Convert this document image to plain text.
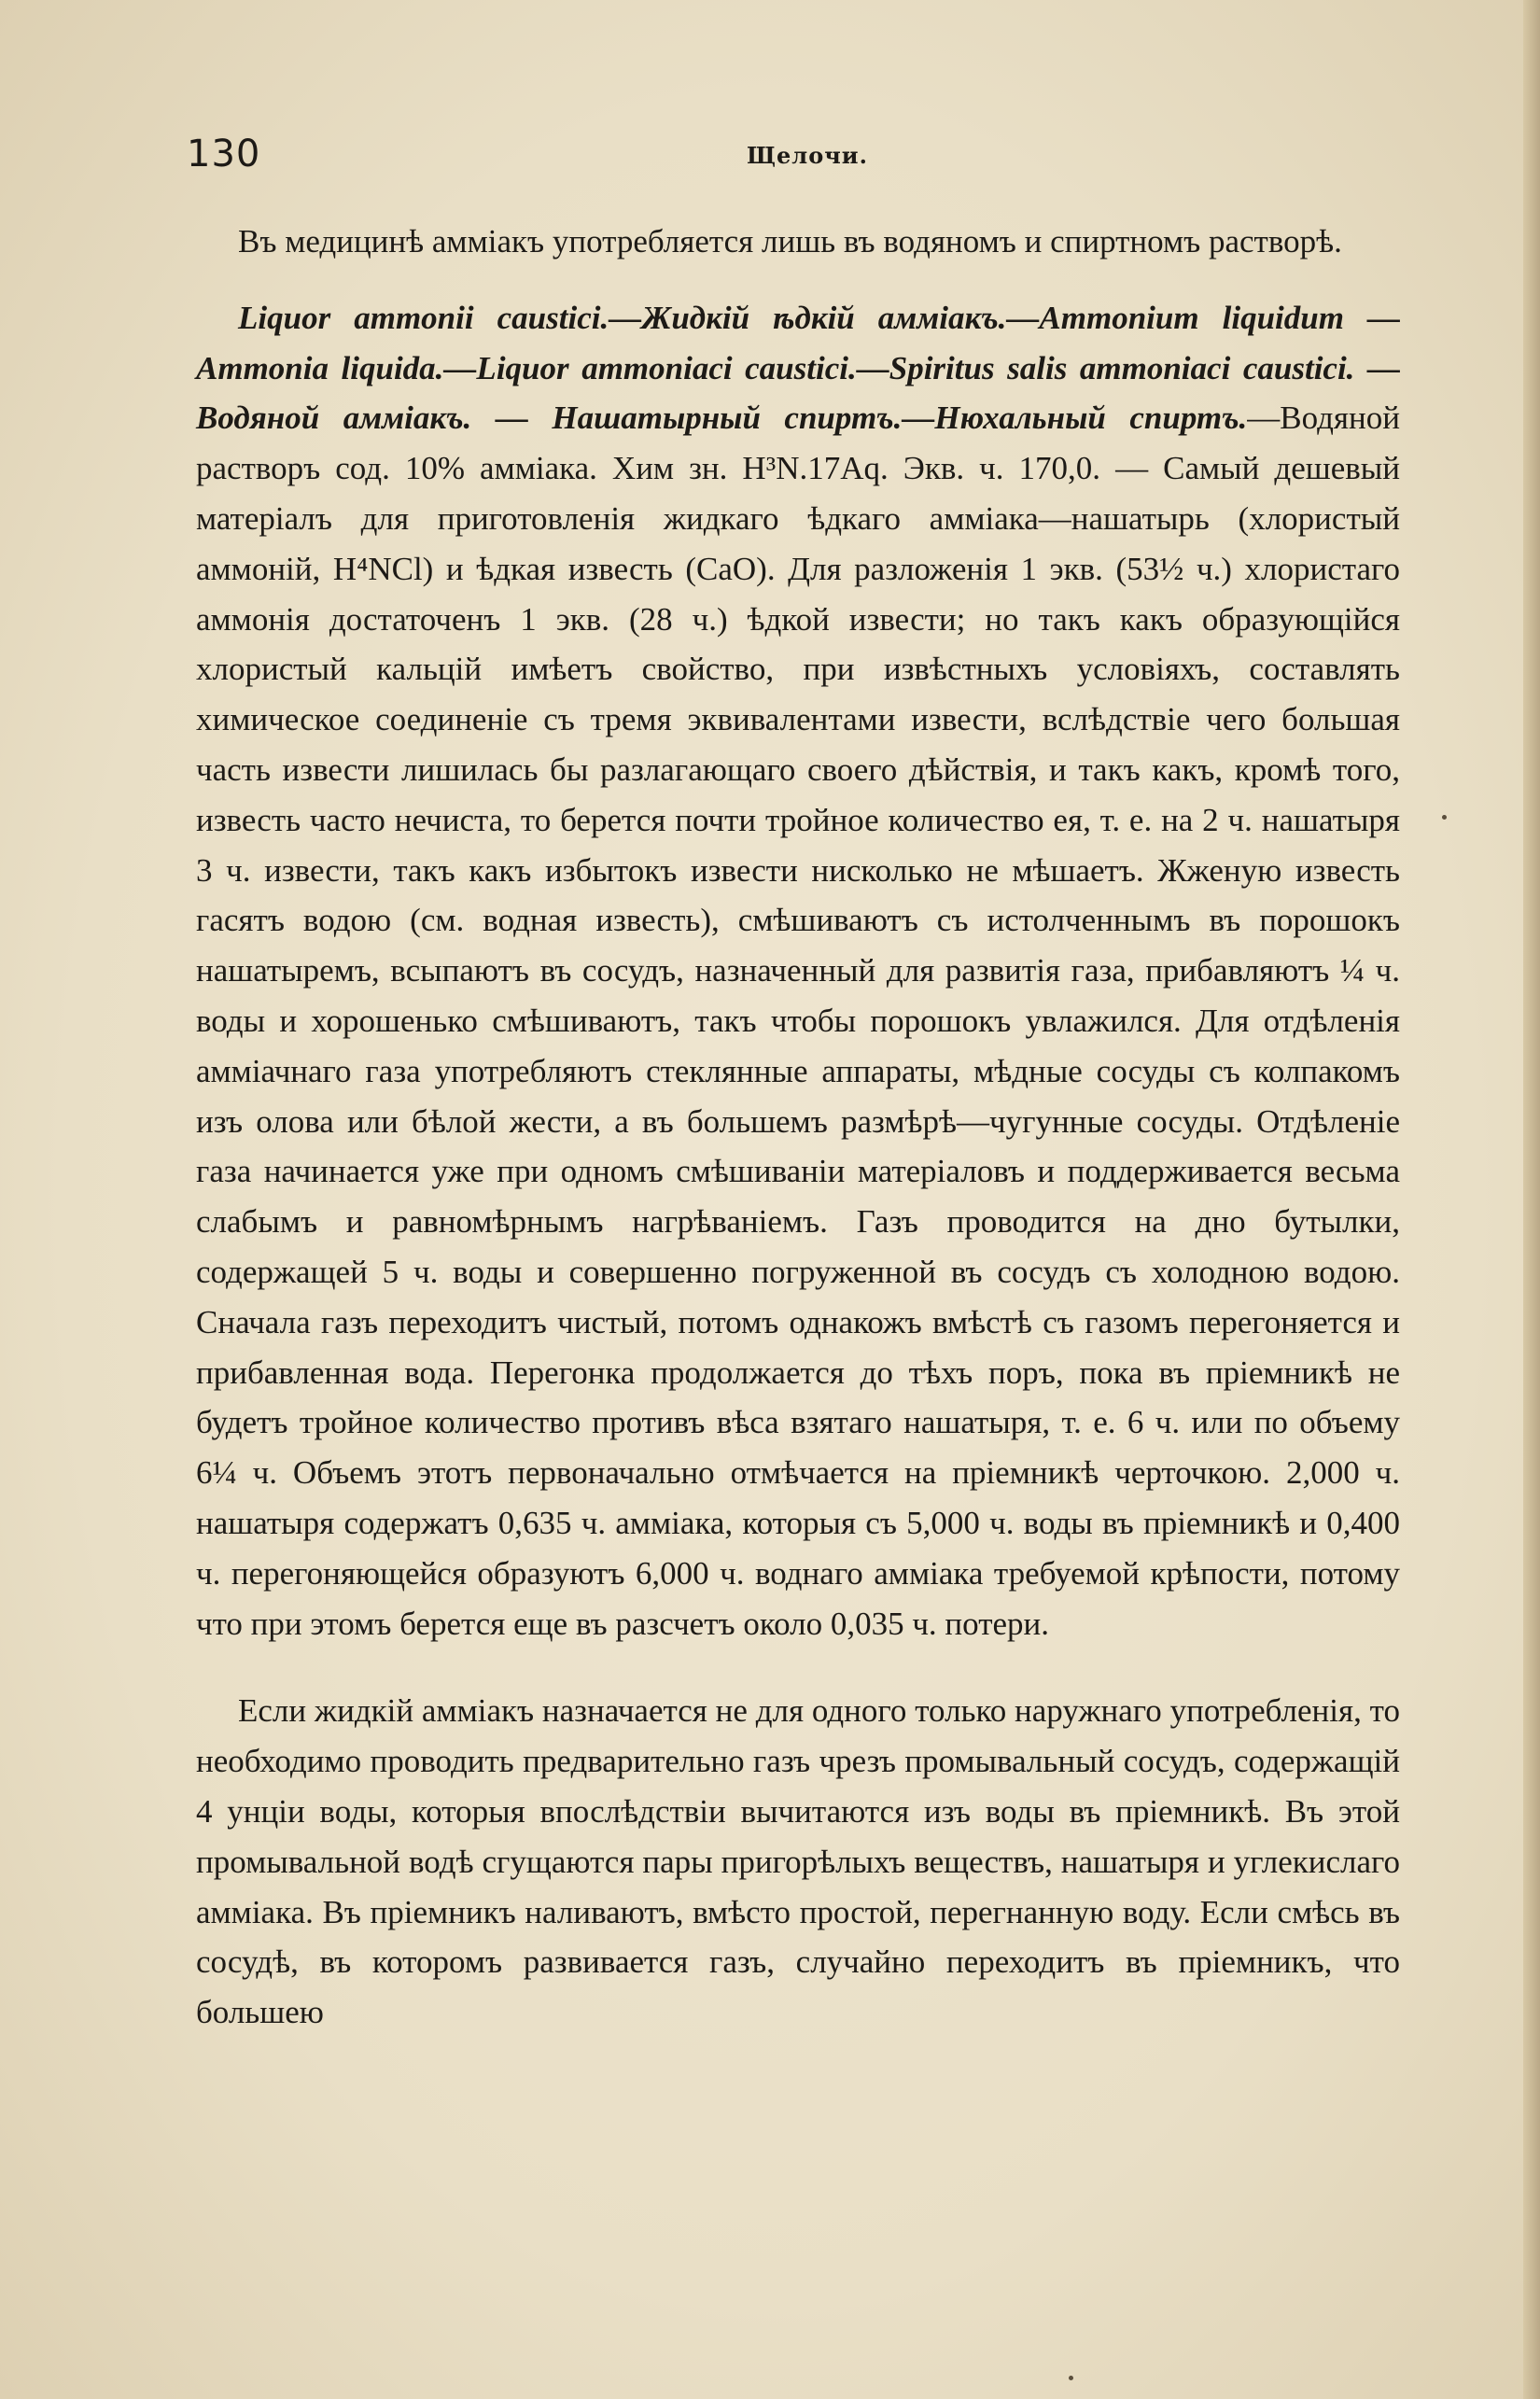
130	Щелочи.

Въ медицинѣ амміакъ употребляется лишь въ водяномъ и спиртномъ растворѣ.

Liquor ammonii caustici.—Жидкій ѣдкій амміакъ.—Ammonium liquidum —Ammonia liquida.—Liquor ammoniaci caustici.—Spiritus salis ammoniaci caustici. — Водяной амміакъ. — Нашатырный спиртъ.—Нюхальный спиртъ.—Водяной растворъ сод. 10% амміака. Хим зн. H³N.17Aq. Экв. ч. 170,0. — Самый дешевый матеріалъ для приготовленія жидкаго ѣдкаго амміака—нашатырь (хлористый аммоній, H⁴NCl) и ѣдкая известь (CaO). Для разложенія 1 экв. (53½ ч.) хлористаго аммонія достаточенъ 1 экв. (28 ч.) ѣдкой извести; но такъ какъ образующійся хлористый кальцій имѣетъ свойство, при извѣстныхъ условіяхъ, составлять химическое соединеніе съ тремя эквивалентами извести, вслѣдствіе чего большая часть извести лишилась бы разлагающаго своего дѣйствія, и такъ какъ, кромѣ того, известь часто нечиста, то берется почти тройное количество ея, т. е. на 2 ч. нашатыря 3 ч. извести, такъ какъ избытокъ извести нисколько не мѣшаетъ. Жженую известь гасятъ водою (см. водная известь), смѣшиваютъ съ истолченнымъ въ порошокъ нашатыремъ, всыпаютъ въ сосудъ, назначенный для развитія газа, прибавляютъ ¼ ч. воды и хорошенько смѣшиваютъ, такъ чтобы порошокъ увлажился. Для отдѣленія амміачнаго газа употребляютъ стеклянные аппараты, мѣдные сосуды съ колпакомъ изъ олова или бѣлой жести, а въ большемъ размѣрѣ—чугунные сосуды. Отдѣленіе газа начинается уже при одномъ смѣшиваніи матеріаловъ и поддерживается весьма слабымъ и равномѣрнымъ нагрѣваніемъ. Газъ проводится на дно бутылки, содержащей 5 ч. воды и совершенно погруженной въ сосудъ съ холодною водою. Сначала газъ переходитъ чистый, потомъ однакожъ вмѣстѣ съ газомъ перегоняется и прибавленная вода. Перегонка продолжается до тѣхъ поръ, пока въ пріемникѣ не будетъ тройное количество противъ вѣса взятаго нашатыря, т. е. 6 ч. или по объему 6¼ ч. Объемъ этотъ первоначально отмѣчается на пріемникѣ черточкою. 2,000 ч. нашатыря содержатъ 0,635 ч. амміака, которыя съ 5,000 ч. воды въ пріемникѣ и 0,400 ч. перегоняющейся образуютъ 6,000 ч. воднаго амміака требуемой крѣпости, потому что при этомъ берется еще въ разсчетъ около 0,035 ч. потери.

Если жидкій амміакъ назначается не для одного только наружнаго употребленія, то необходимо проводить предварительно газъ чрезъ промывальный сосудъ, содержащій 4 унціи воды, которыя впослѣдствіи вычитаются изъ воды въ пріемникѣ. Въ этой промывальной водѣ сгущаются пары пригорѣлыхъ веществъ, нашатыря и углекислаго амміака. Въ пріемникъ наливаютъ, вмѣсто простой, перегнанную воду. Если смѣсь въ сосудѣ, въ которомъ развивается газъ, случайно переходитъ въ пріемникъ, что большею
